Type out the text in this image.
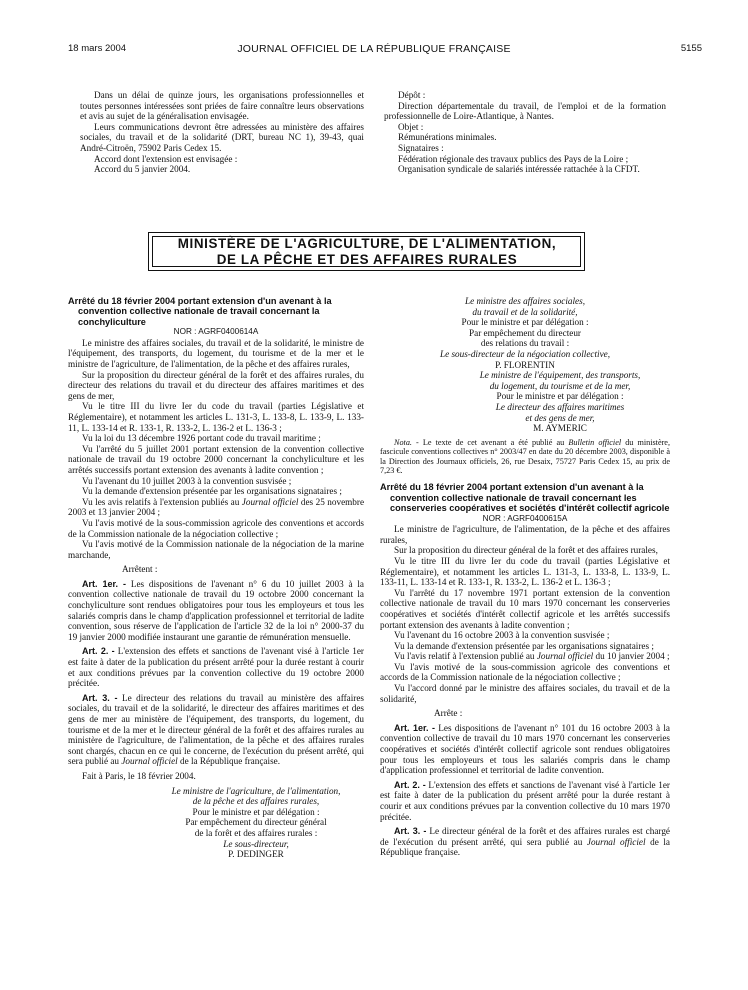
18 mars 2004	JOURNAL OFFICIEL DE LA RÉPUBLIQUE FRANÇAISE	5155

Dans un délai de quinze jours, les organisations professionnelles et toutes personnes intéressées sont priées de faire connaître leurs observations et avis au sujet de la généralisation envisagée.

Leurs communications devront être adressées au ministère des affaires sociales, du travail et de la solidarité (DRT, bureau NC 1), 39-43, quai André-Citroën, 75902 Paris Cedex 15.

Accord dont l'extension est envisagée :

Accord du 5 janvier 2004.

Dépôt :

Direction départementale du travail, de l'emploi et de la formation professionnelle de Loire-Atlantique, à Nantes.

Objet :

Rémunérations minimales.

Signataires :

Fédération régionale des travaux publics des Pays de la Loire ;

Organisation syndicale de salariés intéressée rattachée à la CFDT.

MINISTÈRE DE L'AGRICULTURE, DE L'ALIMENTATION,
DE LA PÊCHE ET DES AFFAIRES RURALES

Arrêté du 18 février 2004 portant extension d'un avenant à la convention collective nationale de travail concernant la conchyliculture

NOR : AGRF0400614A

Le ministre des affaires sociales, du travail et de la solidarité, le ministre de l'équipement, des transports, du logement, du tourisme et de la mer et le ministre de l'agriculture, de l'alimentation, de la pêche et des affaires rurales,

Sur la proposition du directeur général de la forêt et des affaires rurales, du directeur des relations du travail et du directeur des affaires maritimes et des gens de mer,

Vu le titre III du livre Ier du code du travail (parties Législative et Réglementaire), et notamment les articles L. 131-3, L. 133-8, L. 133-9, L. 133-11, L. 133-14 et R. 133-1, R. 133-2, L. 136-2 et L. 136-3 ;

Vu la loi du 13 décembre 1926 portant code du travail maritime ;

Vu l'arrêté du 5 juillet 2001 portant extension de la convention collective nationale de travail du 19 octobre 2000 concernant la conchyliculture et les arrêtés successifs portant extension des avenants à ladite convention ;

Vu l'avenant du 10 juillet 2003 à la convention susvisée ;

Vu la demande d'extension présentée par les organisations signataires ;

Vu les avis relatifs à l'extension publiés au Journal officiel des 25 novembre 2003 et 13 janvier 2004 ;

Vu l'avis motivé de la sous-commission agricole des conventions et accords de la Commission nationale de la négociation collective ;

Vu l'avis motivé de la Commission nationale de la négociation de la marine marchande,

Arrêtent :

Art. 1er. - Les dispositions de l'avenant n° 6 du 10 juillet 2003 à la convention collective nationale de travail du 19 octobre 2000 concernant la conchyliculture sont rendues obligatoires pour tous les employeurs et tous les salariés compris dans le champ d'application professionnel et territorial de ladite convention, sous réserve de l'application de l'article 32 de la loi n° 2000-37 du 19 janvier 2000 modifiée instaurant une garantie de rémunération mensuelle.

Art. 2. - L'extension des effets et sanctions de l'avenant visé à l'article 1er est faite à dater de la publication du présent arrêté pour la durée restant à courir et aux conditions prévues par la convention collective du 19 octobre 2000 précitée.

Art. 3. - Le directeur des relations du travail au ministère des affaires sociales, du travail et de la solidarité, le directeur des affaires maritimes et des gens de mer au ministère de l'équipement, des transports, du logement, du tourisme et de la mer et le directeur général de la forêt et des affaires rurales au ministère de l'agriculture, de l'alimentation, de la pêche et des affaires rurales sont chargés, chacun en ce qui le concerne, de l'exécution du présent arrêté, qui sera publié au Journal officiel de la République française.

Fait à Paris, le 18 février 2004.

Le ministre de l'agriculture, de l'alimentation,

de la pêche et des affaires rurales,

Pour le ministre et par délégation :

Par empêchement du directeur général

de la forêt et des affaires rurales :

Le sous-directeur,

P. DEDINGER

Le ministre des affaires sociales,

du travail et de la solidarité,

Pour le ministre et par délégation :

Par empêchement du directeur

des relations du travail :

Le sous-directeur de la négociation collective,

P. FLORENTIN

Le ministre de l'équipement, des transports,

du logement, du tourisme et de la mer,

Pour le ministre et par délégation :

Le directeur des affaires maritimes

et des gens de mer,

M. AYMERIC

Nota. - Le texte de cet avenant a été publié au Bulletin officiel du ministère, fascicule conventions collectives n° 2003/47 en date du 20 décembre 2003, disponible à la Direction des Journaux officiels, 26, rue Desaix, 75727 Paris Cedex 15, au prix de 7,23 €.

Arrêté du 18 février 2004 portant extension d'un avenant à la convention collective nationale de travail concernant les conserveries coopératives et sociétés d'intérêt collectif agricole

NOR : AGRF0400615A

Le ministre de l'agriculture, de l'alimentation, de la pêche et des affaires rurales,

Sur la proposition du directeur général de la forêt et des affaires rurales,

Vu le titre III du livre Ier du code du travail (parties Législative et Réglementaire), et notamment les articles L. 131-3, L. 133-8, L. 133-9, L. 133-11, L. 133-14 et R. 133-1, R. 133-2, L. 136-2 et L. 136-3 ;

Vu l'arrêté du 17 novembre 1971 portant extension de la convention collective nationale de travail du 10 mars 1970 concernant les conserveries coopératives et sociétés d'intérêt collectif agricole et les arrêtés successifs portant extension des avenants à ladite convention ;

Vu l'avenant du 16 octobre 2003 à la convention susvisée ;

Vu la demande d'extension présentée par les organisations signataires ;

Vu l'avis relatif à l'extension publié au Journal officiel du 10 janvier 2004 ;

Vu l'avis motivé de la sous-commission agricole des conventions et accords de la Commission nationale de la négociation collective ;

Vu l'accord donné par le ministre des affaires sociales, du travail et de la solidarité,

Arrête :

Art. 1er. - Les dispositions de l'avenant n° 101 du 16 octobre 2003 à la convention collective de travail du 10 mars 1970 concernant les conserveries coopératives et sociétés d'intérêt collectif agricole sont rendues obligatoires pour tous les employeurs et tous les salariés compris dans le champ d'application professionnel et territorial de ladite convention.

Art. 2. - L'extension des effets et sanctions de l'avenant visé à l'article 1er est faite à dater de la publication du présent arrêté pour la durée restant à courir et aux conditions prévues par la convention collective du 10 mars 1970 précitée.

Art. 3. - Le directeur général de la forêt et des affaires rurales est chargé de l'exécution du présent arrêté, qui sera publié au Journal officiel de la République française.
